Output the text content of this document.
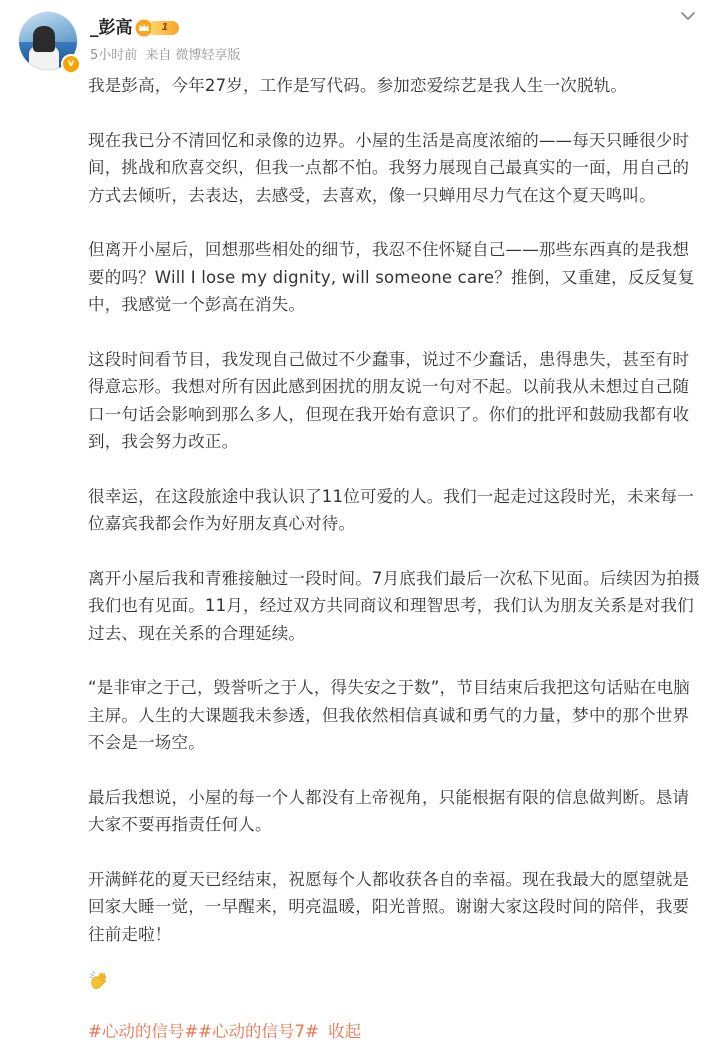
v
_彭高	1
5小时前 来自 微博轻享版

我是彭高，今年27岁，工作是写代码。参加恋爱综艺是我人生一次脱轨。

现在我已分不清回忆和录像的边界。小屋的生活是高度浓缩的——每天只睡很少时间，挑战和欣喜交织，但我一点都不怕。我努力展现自己最真实的一面，用自己的方式去倾听，去表达，去感受，去喜欢，像一只蝉用尽力气在这个夏天鸣叫。

但离开小屋后，回想那些相处的细节，我忍不住怀疑自己——那些东西真的是我想要的吗？Will I lose my dignity, will someone care？推倒，又重建，反反复复中，我感觉一个彭高在消失。

这段时间看节目，我发现自己做过不少蠢事，说过不少蠢话，患得患失，甚至有时得意忘形。我想对所有因此感到困扰的朋友说一句对不起。以前我从未想过自己随口一句话会影响到那么多人，但现在我开始有意识了。你们的批评和鼓励我都有收到，我会努力改正。

很幸运，在这段旅途中我认识了11位可爱的人。我们一起走过这段时光，未来每一位嘉宾我都会作为好朋友真心对待。

离开小屋后我和青雅接触过一段时间。7月底我们最后一次私下见面。后续因为拍摄我们也有见面。11月，经过双方共同商议和理智思考，我们认为朋友关系是对我们过去、现在关系的合理延续。

“是非审之于己，毁誉听之于人，得失安之于数”，节目结束后我把这句话贴在电脑主屏。人生的大课题我未参透，但我依然相信真诚和勇气的力量，梦中的那个世界不会是一场空。

最后我想说，小屋的每一个人都没有上帝视角，只能根据有限的信息做判断。恳请大家不要再指责任何人。

开满鲜花的夏天已经结束，祝愿每个人都收获各自的幸福。现在我最大的愿望就是回家大睡一觉，一早醒来，明亮温暖，阳光普照。谢谢大家这段时间的陪伴，我要往前走啦！

#心动的信号##心动的信号7# 收起
